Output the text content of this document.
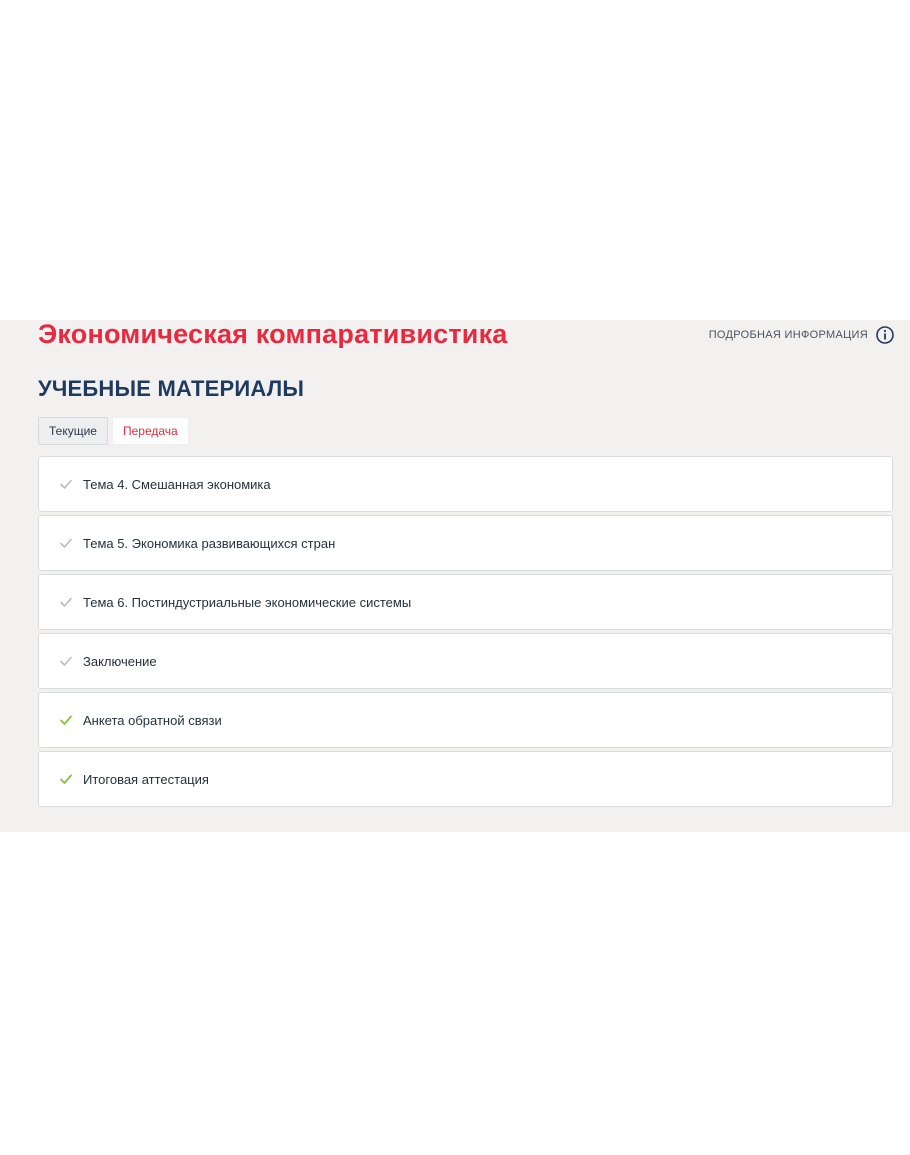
Экономическая компаративистика	ПОДРОБНАЯ ИНФОРМАЦИЯ
УЧЕБНЫЕ МАТЕРИАЛЫ
Текущие	Передача
Тема 4. Смешанная экономика
Тема 5. Экономика развивающихся стран
Тема 6. Постиндустриальные экономические системы
Заключение
Анкета обратной связи
Итоговая аттестация
